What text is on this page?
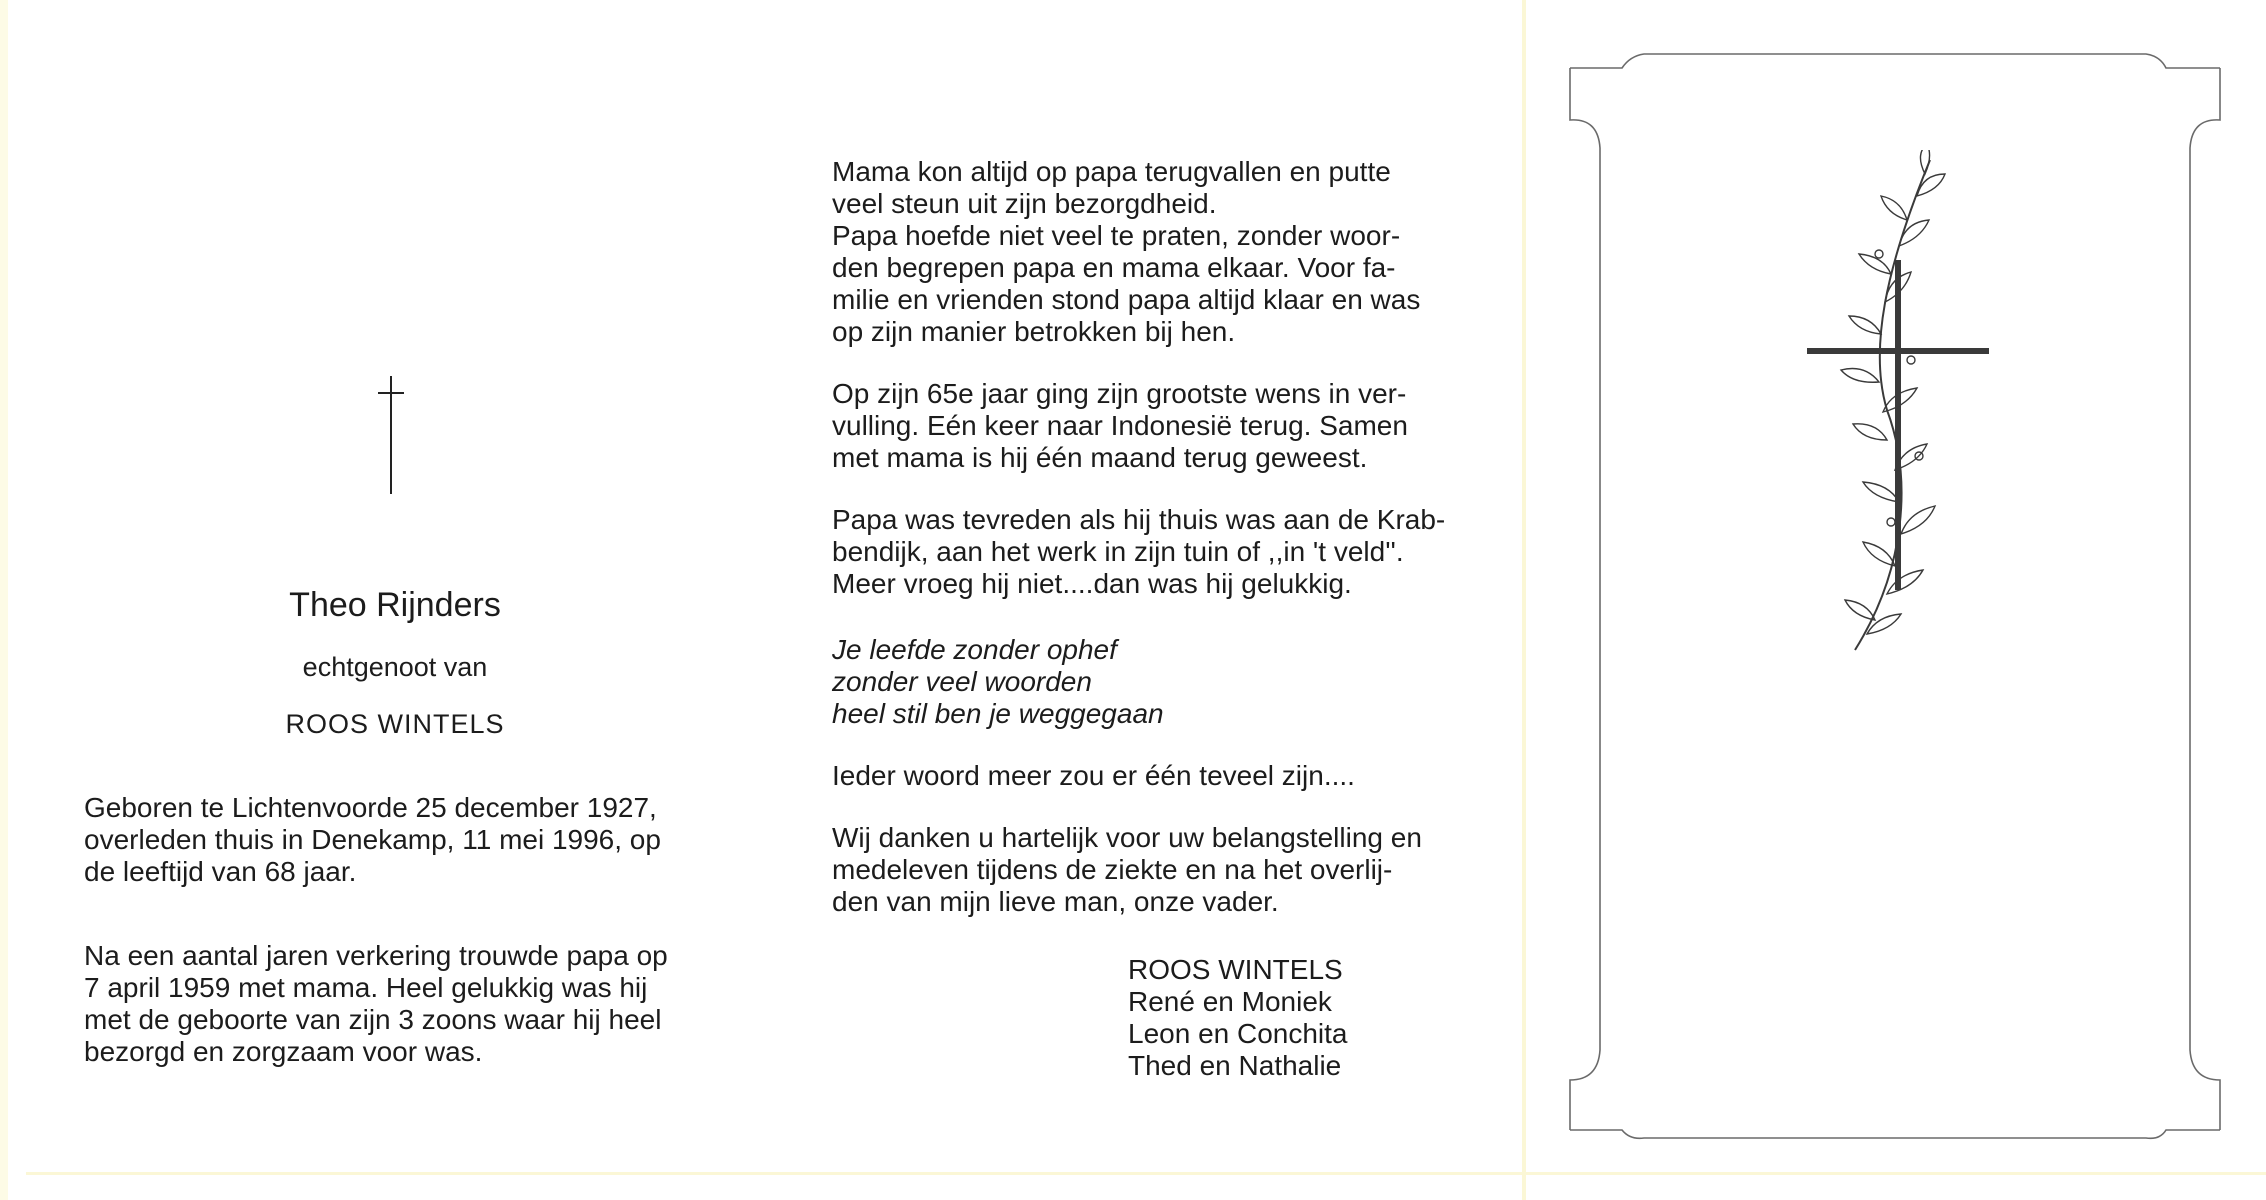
Theo Rijnders

echtgenoot van

ROOS WINTELS

Geboren te Lichtenvoorde 25 december 1927,
overleden thuis in Denekamp, 11 mei 1996, op
de leeftijd van 68 jaar.

Na een aantal jaren verkering trouwde papa op
7 april 1959 met mama. Heel gelukkig was hij
met de geboorte van zijn 3 zoons waar hij heel
bezorgd en zorgzaam voor was.

Mama kon altijd op papa terugvallen en putte
veel steun uit zijn bezorgdheid.
Papa hoefde niet veel te praten, zonder woor-
den begrepen papa en mama elkaar. Voor fa-
milie en vrienden stond papa altijd klaar en was
op zijn manier betrokken bij hen.

Op zijn 65e jaar ging zijn grootste wens in ver-
vulling. Eén keer naar Indonesië terug. Samen
met mama is hij één maand terug geweest.

Papa was tevreden als hij thuis was aan de Krab-
bendijk, aan het werk in zijn tuin of ,,in 't veld''.
Meer vroeg hij niet....dan was hij gelukkig.

Je leefde zonder ophef
zonder veel woorden
heel stil ben je weggegaan

Ieder woord meer zou er één teveel zijn....

Wij danken u hartelijk voor uw belangstelling en
medeleven tijdens de ziekte en na het overlij-
den van mijn lieve man, onze vader.

ROOS WINTELS
René en Moniek
Leon en Conchita
Thed en Nathalie
